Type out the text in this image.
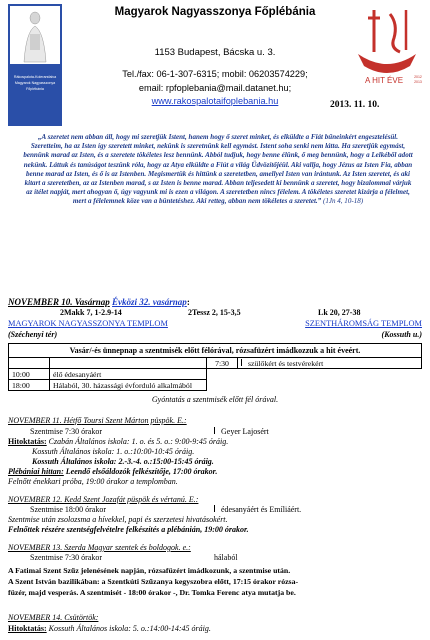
Rákospalota-Kolerarsfalva
Magyarok Nagyasszonya
Főplébánia
Magyarok Nagyasszonya Főplébánia
1153 Budapest, Bácska u. 3.
Tel./fax: 06-1-307-6315; mobil: 06203574229;
email: rpfoplebania@mail.datanet.hu;
www.rakospalotaifoplebania.hu
A HIT ÉVE	2012
2013
2013. 11. 10.
„A szeretet nem abban áll, hogy mi szeretjük Istent, hanem hogy ő szeret minket, és elküldte a Fiát bűneinkért engesztelésül. Szeretteim, ha az Isten így szeretett minket, nekünk is szeretnünk kell egymást. Istent soha senki nem látta. Ha szeretjük egymást, bennünk marad az Isten, és a szeretete tökéletes lesz bennünk. Abból tudjuk, hogy benne élünk, ő meg bennünk, hogy a Lelkéből adott nekünk. Láttuk és tanúságot teszünk róla, hogy az Atya elküldte a Fiút a világ Üdvözítőjéül. Aki vallja, hogy Jézus az Isten Fia, abban benne marad az Isten, és ő is az Istenben. Megismertük és hittünk a szeretetben, amellyel Isten van irántunk. Az Isten szeretet, és aki kitart a szeretetben, az az Istenben marad, s az Isten is benne marad. Abban teljesedett ki bennünk a szeretet, hogy bizalommal várjuk az ítélet napját, mert ahogyan ő, úgy vagyunk mi is ezen a világon. A szeretetben nincs félelem. A tökéletes szeretet kizárja a félelmet, mert a félelemnek köze van a büntetéshez. Aki retteg, abban nem tökéletes a szeretet.” (1Jn 4, 10-18)
NOVEMBER 10. Vasárnap Évközi 32. vasárnap:
2Makk 7, 1-2.9-14	2Tessz 2, 15-3,5	Lk 20, 27-38
MAGYAROK NAGYASSZONYA TEMPLOM	SZENTHÁROMSÁG TEMPLOM
(Széchenyi tér)	(Kossuth u.)
Vasár/-és ünnepnap a szentmisék előtt félórával, rózsafüzért imádkozzuk a hit éveért.
		7:30	szülőkért és testvérekért
10:00	élő édesanyáért		
18:00	Hálaból, 30. házassági évforduló alkalmából		
Gyóntatás a szentmisék előtt fél órával.
NOVEMBER 11. Hétfő Toursi Szent Márton püspök. E.:
Szentmise 7:30 órakor	Geyer Lajosért
Hitoktatás: Czabán Általános iskola: 1. o. és 5. o.: 9:00-9:45 óráig.
Kossuth Általános iskola: 1. o.:10:00-10:45 óráig.
Kossuth Általános iskola: 2.-3.-4. o.:15:00-15:45 óráig.
Plébániai hittan: Leendő elsőáldozók felkészítője, 17:00 órakor.
Felnőtt énekkari próba, 19:00 órakor a templomban.
NOVEMBER 12. Kedd Szent Jozafát püspök és vértanú. E.:
Szentmise 18:00 órakor	édesanyáért és Emíliáért.
Szentmise után zsolozsma a hívekkel, papi és szerzetesi hivatásokért.
Felnőttek részére szentségfelvételre felkészítés a plébánián, 19:00 órakor.
NOVEMBER 13. Szerda Magyar szentek és boldogok. e.:
Szentmise 7:30 órakor	hálaból
A Fatimai Szent Szűz jelenésének napján, rózsafüzért imádkozunk, a szentmise után.
A Szent István bazilikában: a Szentkúti Szűzanya kegyszobra előtt, 17:15 órakor rózsa-
füzér, majd vesperás. A szentmisét - 18:00 órakor -, Dr. Tomka Ferenc atya mutatja be.
NOVEMBER 14. Csütörtök:
Hitoktatás: Kossuth Általános iskola: 5. o.:14:00-14:45 óráig.
